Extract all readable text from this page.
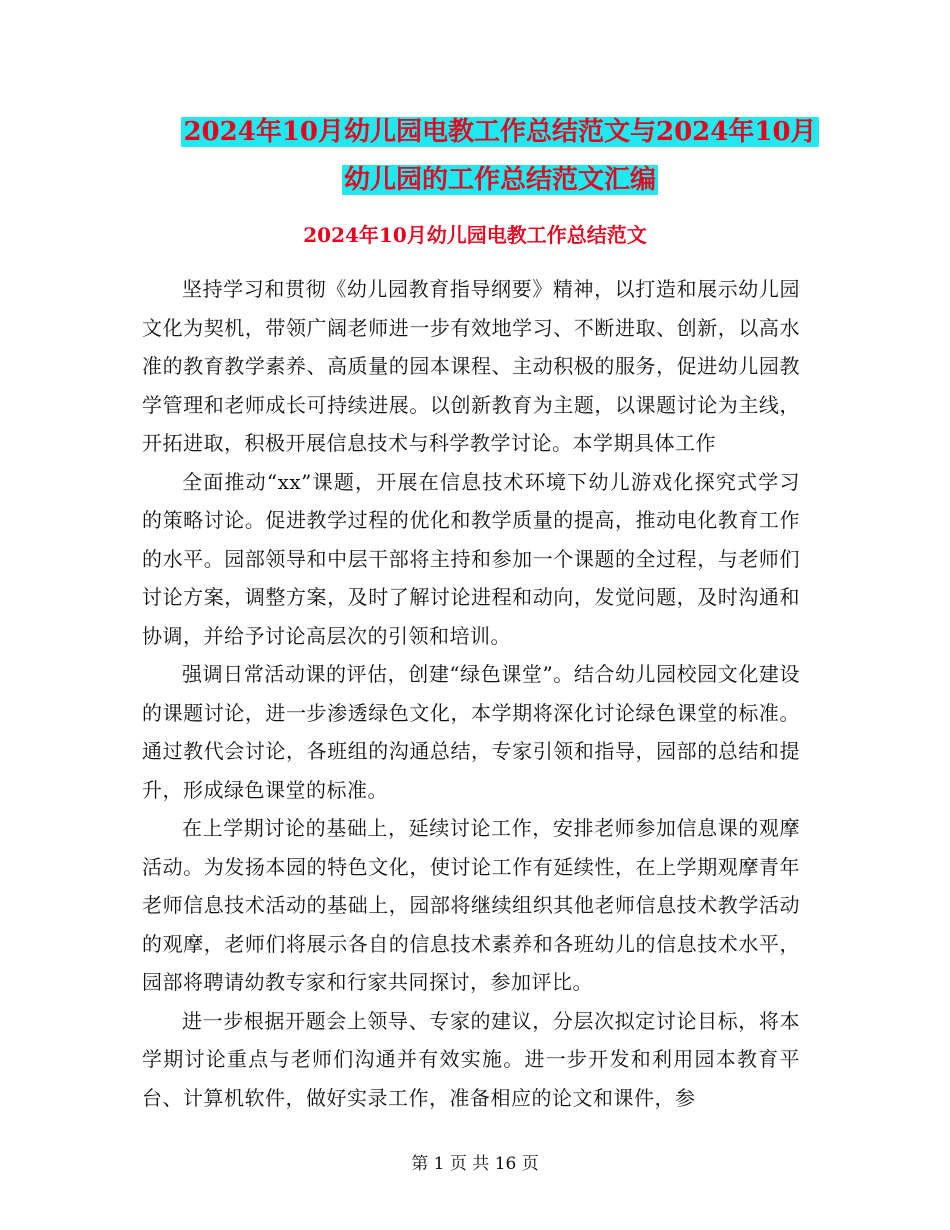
2024年10月幼儿园电教工作总结范文与2024年10月
幼儿园的工作总结范文汇编
2024年10月幼儿园电教工作总结范文

坚持学习和贯彻《幼儿园教育指导纲要》精神，以打造和展示幼儿园文化为契机，带领广阔老师进一步有效地学习、不断进取、创新，以高水准的教育教学素养、高质量的园本课程、主动积极的服务，促进幼儿园教学管理和老师成长可持续进展。以创新教育为主题，以课题讨论为主线，开拓进取，积极开展信息技术与科学教学讨论。本学期具体工作

全面推动“xx”课题，开展在信息技术环境下幼儿游戏化探究式学习的策略讨论。促进教学过程的优化和教学质量的提高，推动电化教育工作的水平。园部领导和中层干部将主持和参加一个课题的全过程，与老师们讨论方案，调整方案，及时了解讨论进程和动向，发觉问题，及时沟通和协调，并给予讨论高层次的引领和培训。

强调日常活动课的评估，创建“绿色课堂”。结合幼儿园校园文化建设的课题讨论，进一步渗透绿色文化，本学期将深化讨论绿色课堂的标准。通过教代会讨论，各班组的沟通总结，专家引领和指导，园部的总结和提升，形成绿色课堂的标准。

在上学期讨论的基础上，延续讨论工作，安排老师参加信息课的观摩活动。为发扬本园的特色文化，使讨论工作有延续性，在上学期观摩青年老师信息技术活动的基础上，园部将继续组织其他老师信息技术教学活动的观摩，老师们将展示各自的信息技术素养和各班幼儿的信息技术水平，园部将聘请幼教专家和行家共同探讨，参加评比。

进一步根据开题会上领导、专家的建议，分层次拟定讨论目标，将本学期讨论重点与老师们沟通并有效实施。进一步开发和利用园本教育平台、计算机软件，做好实录工作，准备相应的论文和课件，参

第 1 页 共 16 页
